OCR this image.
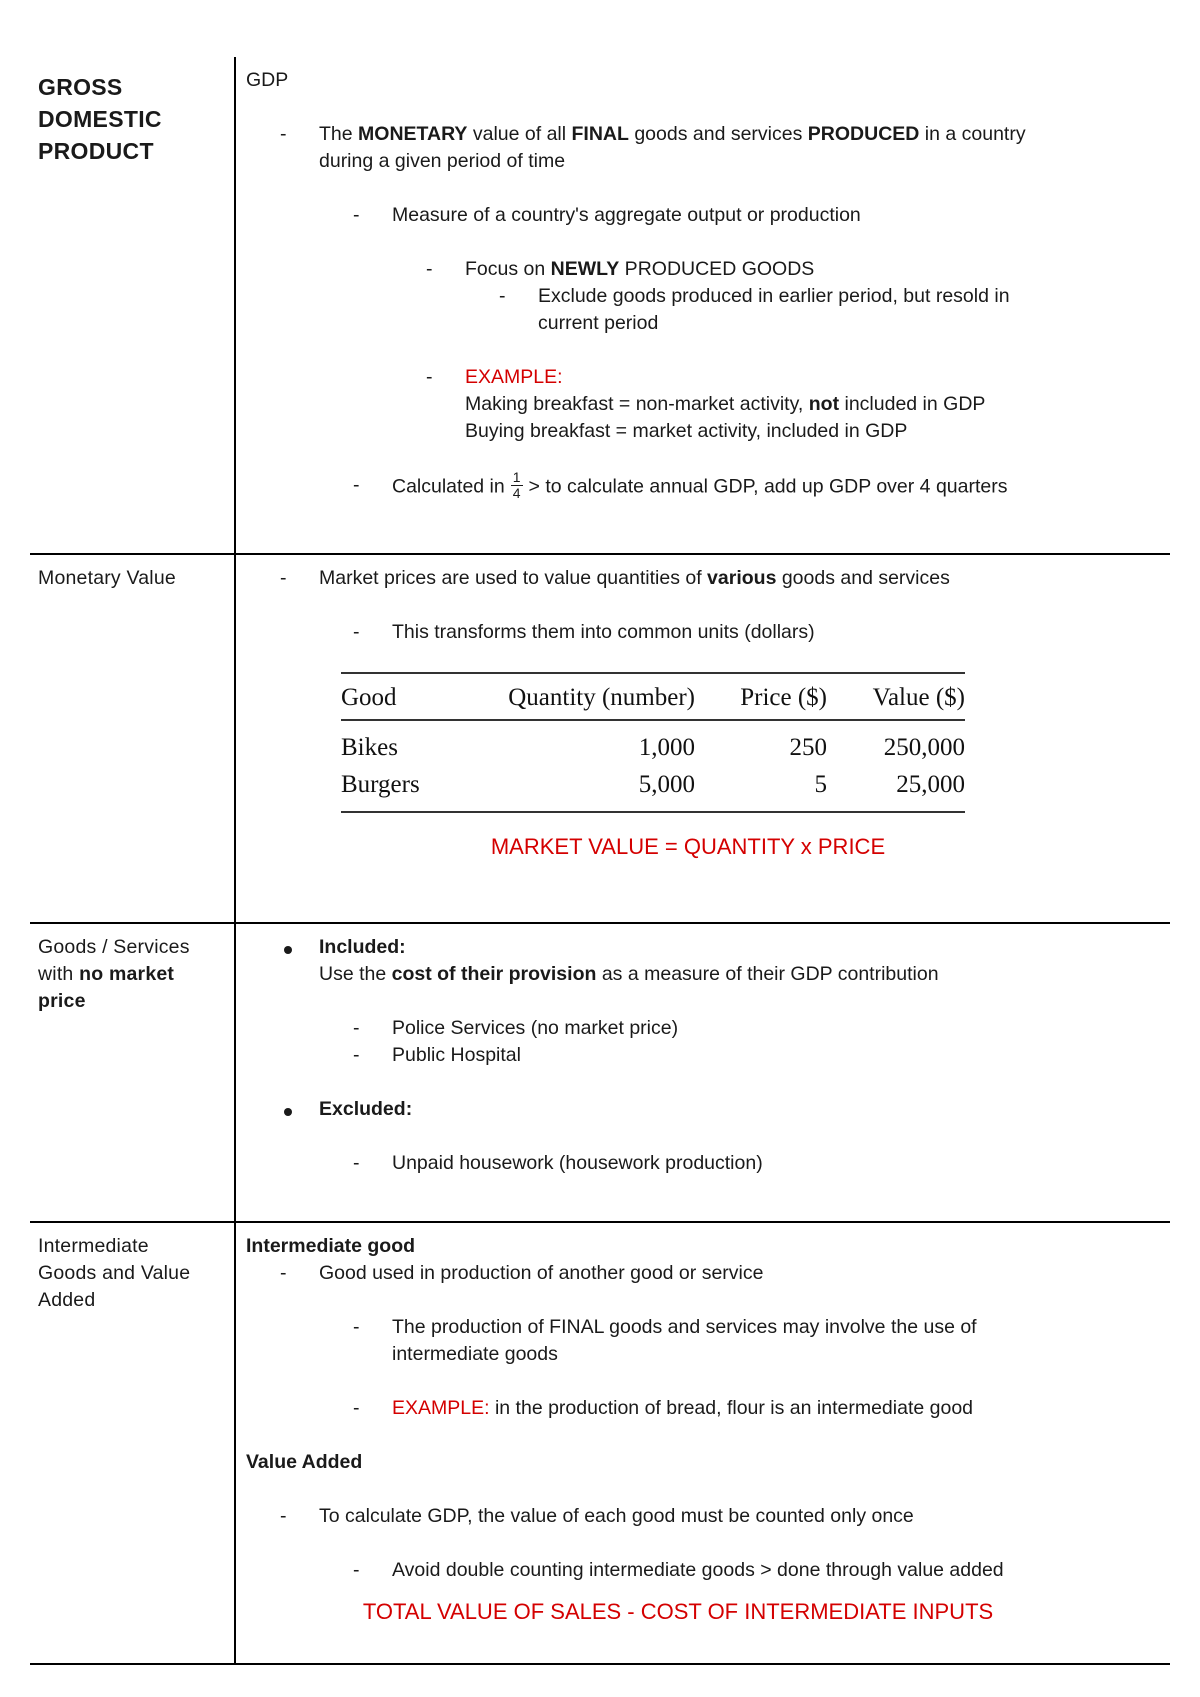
GROSS DOMESTIC PRODUCT
GDP
- The MONETARY value of all FINAL goods and services PRODUCED in a country
during a given period of time
- Measure of a country's aggregate output or production
- Focus on NEWLY PRODUCED GOODS
- Exclude goods produced in earlier period, but resold in
current period
- EXAMPLE:
Making breakfast = non-market activity, not included in GDP
Buying breakfast = market activity, included in GDP
- Calculated in $\frac{1}{4}$ > to calculate annual GDP, add up GDP over 4 quarters
Monetary Value	- Market prices are used to value quantities of various goods and services
- This transforms them into common units (dollars)
Good	Quantity (number)	Price ($)	Value ($)
Bikes	1,000	250	250,000
Burgers	5,000	5	25,000
MARKET VALUE = QUANTITY x PRICE
Goods / Services
with no market
price
Included:
Use the cost of their provision as a measure of their GDP contribution
- Police Services (no market price)
- Public Hospital
Excluded:
- Unpaid housework (housework production)
Intermediate
Goods and Value
Added
Intermediate good
- Good used in production of another good or service
- The production of FINAL goods and services may involve the use of
intermediate goods
- EXAMPLE: in the production of bread, flour is an intermediate good
Value Added
- To calculate GDP, the value of each good must be counted only once
- Avoid double counting intermediate goods > done through value added
TOTAL VALUE OF SALES - COST OF INTERMEDIATE INPUTS
